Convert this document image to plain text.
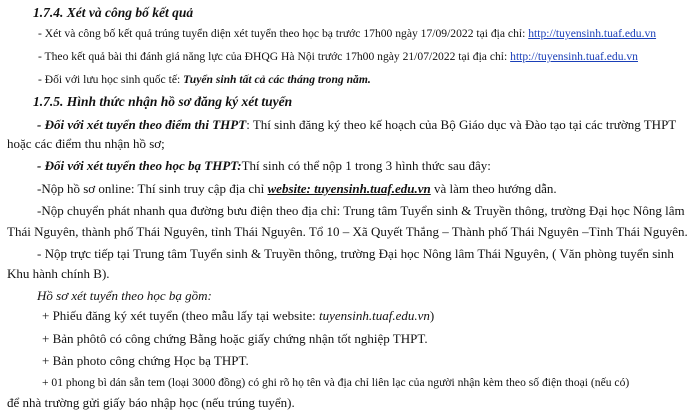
1.7.4. Xét và công bố kết quả
- Xét và công bố kết quả trúng tuyển diện xét tuyển theo học bạ trước 17h00 ngày 17/09/2022 tại địa chỉ: http://tuyensinh.tuaf.edu.vn
- Theo kết quả bài thi đánh giá năng lực của ĐHQG Hà Nội trước 17h00 ngày 21/07/2022 tại địa chỉ: http://tuyensinh.tuaf.edu.vn
- Đối với lưu học sinh quốc tế: Tuyển sinh tất cả các tháng trong năm.
1.7.5. Hình thức nhận hồ sơ đăng ký xét tuyển
- Đối với xét tuyển theo điểm thi THPT: Thí sinh đăng ký theo kế hoạch của Bộ Giáo dục và Đào tạo tại các trường THPT
hoặc các điểm thu nhận hồ sơ;
- Đối với xét tuyển theo học bạ THPT:Thí sinh có thể nộp 1 trong 3 hình thức sau đây:
-Nộp hồ sơ online: Thí sinh truy cập địa chỉ website: tuyensinh.tuaf.edu.vn và làm theo hướng dẫn.
-Nộp chuyển phát nhanh qua đường bưu điện theo địa chỉ: Trung tâm Tuyển sinh & Truyền thông, trường Đại học Nông lâm
Thái Nguyên, thành phố Thái Nguyên, tỉnh Thái Nguyên. Tổ 10 – Xã Quyết Thắng – Thành phố Thái Nguyên –Tỉnh Thái Nguyên.
- Nộp trực tiếp tại Trung tâm Tuyển sinh & Truyền thông, trường Đại học Nông lâm Thái Nguyên, ( Văn phòng tuyển sinh
Khu hành chính B).
Hồ sơ xét tuyển theo học bạ gồm:
+ Phiếu đăng ký xét tuyển (theo mẫu lấy tại website: tuyensinh.tuaf.edu.vn)
+ Bản phôtô có công chứng Bằng hoặc giấy chứng nhận tốt nghiệp THPT.
+ Bản photo công chứng Học bạ THPT.
+ 01 phong bì dán sẵn tem (loại 3000 đồng) có ghi rõ họ tên và địa chỉ liên lạc của người nhận kèm theo số điện thoại (nếu có)
để nhà trường gửi giấy báo nhập học (nếu trúng tuyển).
